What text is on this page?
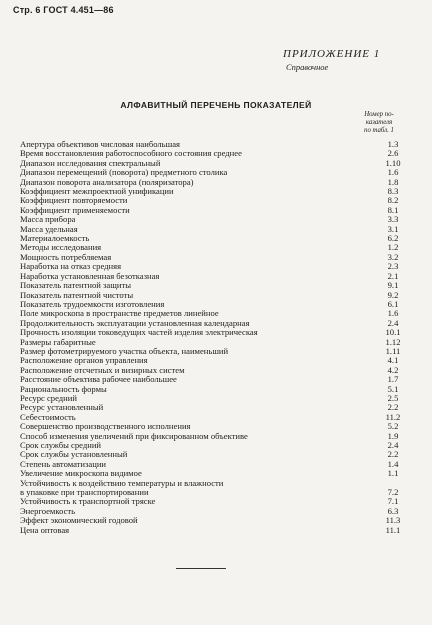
Стр. 6 ГОСТ 4.451—86
ПРИЛОЖЕНИЕ 1
Справочное
АЛФАВИТНЫЙ ПЕРЕЧЕНЬ ПОКАЗАТЕЛЕЙ
Номер по-
казателя
по табл. 1
Апертура объективов числовая наибольшая	1.3
Время восстановления работоспособного состояния среднее	2.6
Диапазон исследования спектральный	1.10
Диапазон перемещений (поворота) предметного столика	1.6
Диапазон поворота анализатора (поляризатора)	1.8
Коэффициент межпроектной унификации	8.3
Коэффициент повторяемости	8.2
Коэффициент применяемости	8.1
Масса прибора	3.3
Масса удельная	3.1
Материалоемкость	6.2
Методы исследования	1.2
Мощность потребляемая	3.2
Наработка на отказ средняя	2.3
Наработка установленная безотказная	2.1
Показатель патентной защиты	9.1
Показатель патентной чистоты	9.2
Показатель трудоемкости изготовления	6.1
Поле микроскопа в пространстве предметов линейное	1.6
Продолжительность эксплуатации установленная календарная	2.4
Прочность изоляции токоведущих частей изделия электрическая	10.1
Размеры габаритные	1.12
Размер фотометрируемого участка объекта, наименьший	1.11
Расположение органов управления	4.1
Расположение отсчетных и визирных систем	4.2
Расстояние объектива рабочее наибольшее	1.7
Рациональность формы	5.1
Ресурс средний	2.5
Ресурс установленный	2.2
Себестоимость	11.2
Совершенство производственного исполнения	5.2
Способ изменения увеличений при фиксированном объективе	1.9
Срок службы средний	2.4
Срок службы установленный	2.2
Степень автоматизации	1.4
Увеличение микроскопа видимое	1.1
Устойчивость к воздействию температуры и влажности
в упаковке при транспортировании	7.2
Устойчивость к транспортной тряске	7.1
Энергоемкость	6.3
Эффект экономический годовой	11.3
Цена оптовая	11.1
